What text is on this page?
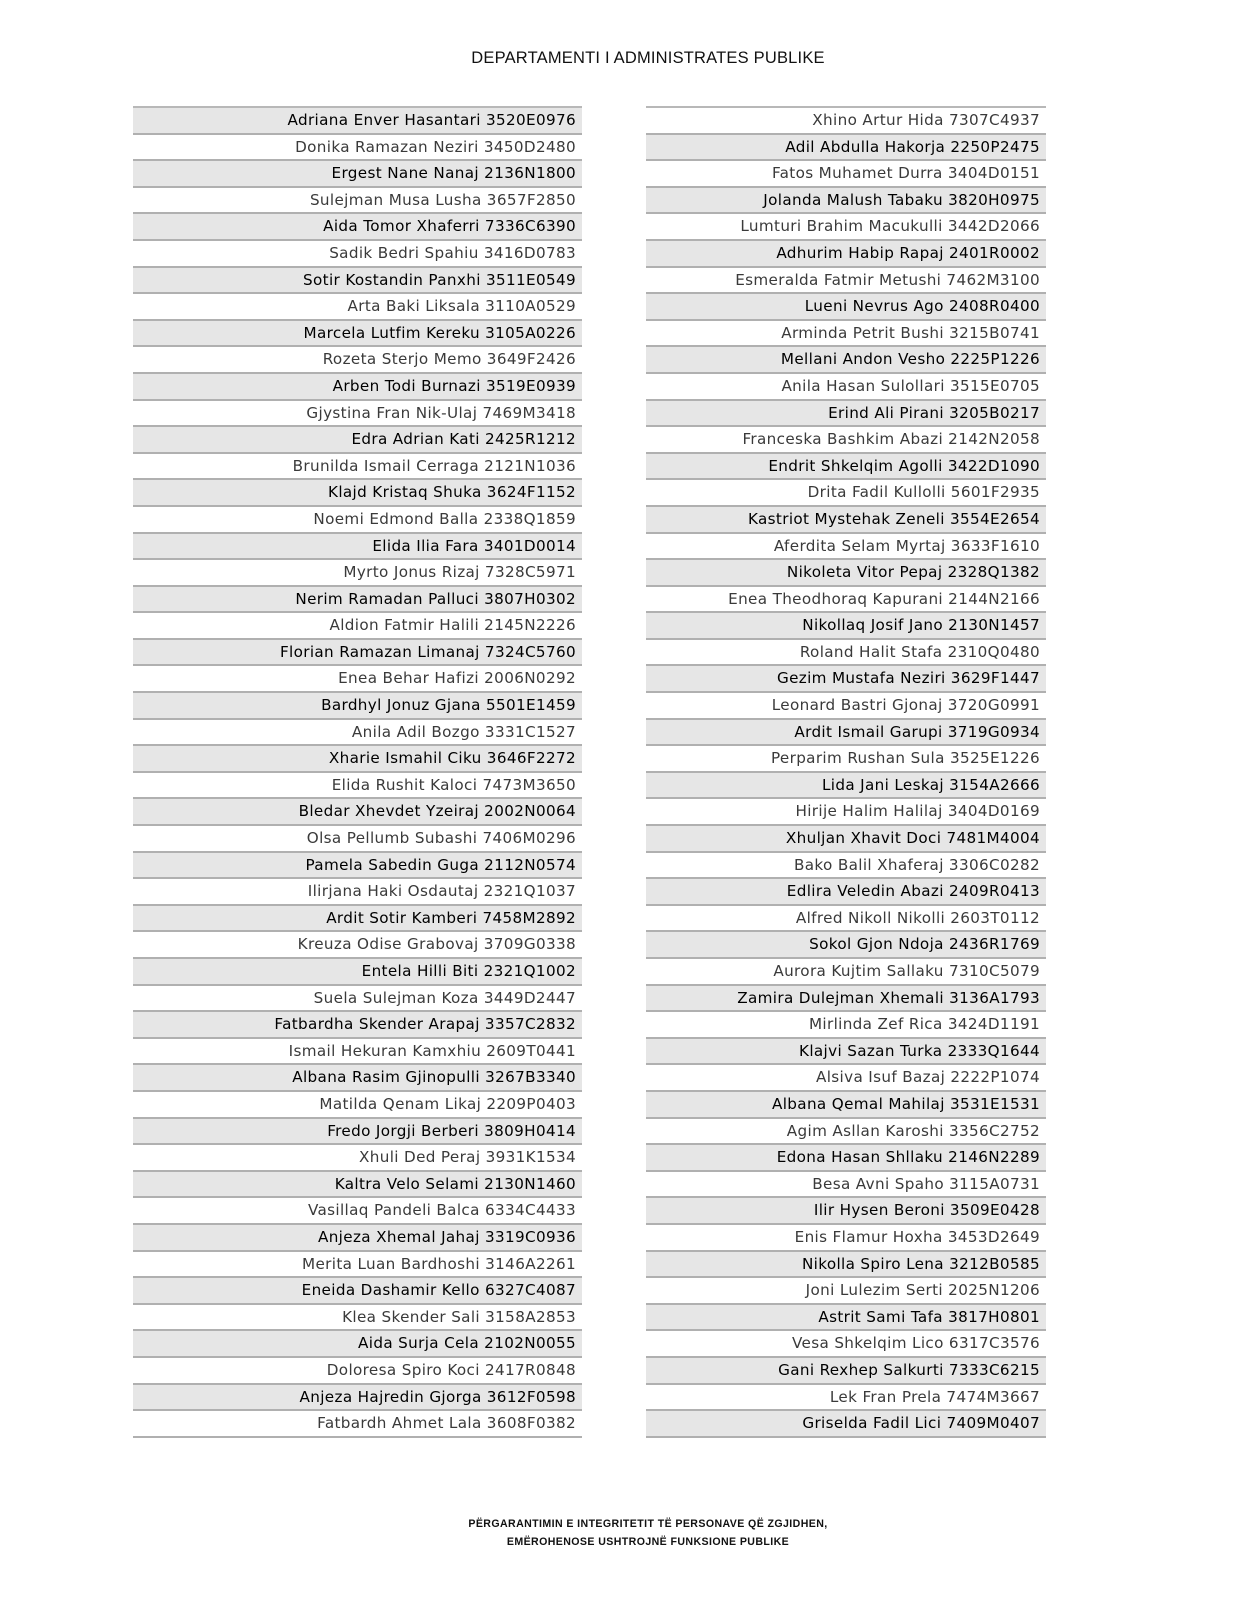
DEPARTAMENTI I ADMINISTRATES PUBLIKE
Adriana Enver Hasantari 3520E0976
Donika Ramazan Neziri 3450D2480
Ergest Nane Nanaj 2136N1800
Sulejman Musa Lusha 3657F2850
Aida Tomor Xhaferri 7336C6390
Sadik Bedri Spahiu 3416D0783
Sotir Kostandin Panxhi 3511E0549
Arta Baki Liksala 3110A0529
Marcela Lutfim Kereku 3105A0226
Rozeta Sterjo Memo 3649F2426
Arben Todi Burnazi 3519E0939
Gjystina Fran Nik-Ulaj 7469M3418
Edra Adrian Kati 2425R1212
Brunilda Ismail Cerraga 2121N1036
Klajd Kristaq Shuka 3624F1152
Noemi Edmond Balla 2338Q1859
Elida Ilia Fara 3401D0014
Myrto Jonus Rizaj 7328C5971
Nerim Ramadan Palluci 3807H0302
Aldion Fatmir Halili 2145N2226
Florian Ramazan Limanaj 7324C5760
Enea Behar Hafizi 2006N0292
Bardhyl Jonuz Gjana 5501E1459
Anila Adil Bozgo 3331C1527
Xharie Ismahil Ciku 3646F2272
Elida Rushit Kaloci 7473M3650
Bledar Xhevdet Yzeiraj 2002N0064
Olsa Pellumb Subashi 7406M0296
Pamela Sabedin Guga 2112N0574
Ilirjana Haki Osdautaj 2321Q1037
Ardit Sotir Kamberi 7458M2892
Kreuza Odise Grabovaj 3709G0338
Entela Hilli Biti 2321Q1002
Suela Sulejman Koza 3449D2447
Fatbardha Skender Arapaj 3357C2832
Ismail Hekuran Kamxhiu 2609T0441
Albana Rasim Gjinopulli 3267B3340
Matilda Qenam Likaj 2209P0403
Fredo Jorgji Berberi 3809H0414
Xhuli Ded Peraj 3931K1534
Kaltra Velo Selami 2130N1460
Vasillaq Pandeli Balca 6334C4433
Anjeza Xhemal Jahaj 3319C0936
Merita Luan Bardhoshi 3146A2261
Eneida Dashamir Kello 6327C4087
Klea Skender Sali 3158A2853
Aida Surja Cela 2102N0055
Doloresa Spiro Koci 2417R0848
Anjeza Hajredin Gjorga 3612F0598
Fatbardh Ahmet Lala 3608F0382
Xhino Artur Hida 7307C4937
Adil Abdulla Hakorja 2250P2475
Fatos Muhamet Durra 3404D0151
Jolanda Malush Tabaku 3820H0975
Lumturi Brahim Macukulli 3442D2066
Adhurim Habip Rapaj 2401R0002
Esmeralda Fatmir Metushi 7462M3100
Lueni Nevrus Ago 2408R0400
Arminda Petrit Bushi 3215B0741
Mellani Andon Vesho 2225P1226
Anila Hasan Sulollari 3515E0705
Erind Ali Pirani 3205B0217
Franceska Bashkim Abazi 2142N2058
Endrit Shkelqim Agolli 3422D1090
Drita Fadil Kullolli 5601F2935
Kastriot Mystehak Zeneli 3554E2654
Aferdita Selam Myrtaj 3633F1610
Nikoleta Vitor Pepaj 2328Q1382
Enea Theodhoraq Kapurani 2144N2166
Nikollaq Josif Jano 2130N1457
Roland Halit Stafa 2310Q0480
Gezim Mustafa Neziri 3629F1447
Leonard Bastri Gjonaj 3720G0991
Ardit Ismail Garupi 3719G0934
Perparim Rushan Sula 3525E1226
Lida Jani Leskaj 3154A2666
Hirije Halim Halilaj 3404D0169
Xhuljan Xhavit Doci 7481M4004
Bako Balil Xhaferaj 3306C0282
Edlira Veledin Abazi 2409R0413
Alfred Nikoll Nikolli 2603T0112
Sokol Gjon Ndoja 2436R1769
Aurora Kujtim Sallaku 7310C5079
Zamira Dulejman Xhemali 3136A1793
Mirlinda Zef Rica 3424D1191
Klajvi Sazan Turka 2333Q1644
Alsiva Isuf Bazaj 2222P1074
Albana Qemal Mahilaj 3531E1531
Agim Asllan Karoshi 3356C2752
Edona Hasan Shllaku 2146N2289
Besa Avni Spaho 3115A0731
Ilir Hysen Beroni 3509E0428
Enis Flamur Hoxha 3453D2649
Nikolla Spiro Lena 3212B0585
Joni Lulezim Serti 2025N1206
Astrit Sami Tafa 3817H0801
Vesa Shkelqim Lico 6317C3576
Gani Rexhep Salkurti 7333C6215
Lek Fran Prela 7474M3667
Griselda Fadil Lici 7409M0407
PËRGARANTIMIN E INTEGRITETIT TË PERSONAVE QË ZGJIDHEN,
EMËROHENOSE USHTROJNË FUNKSIONE PUBLIKE
